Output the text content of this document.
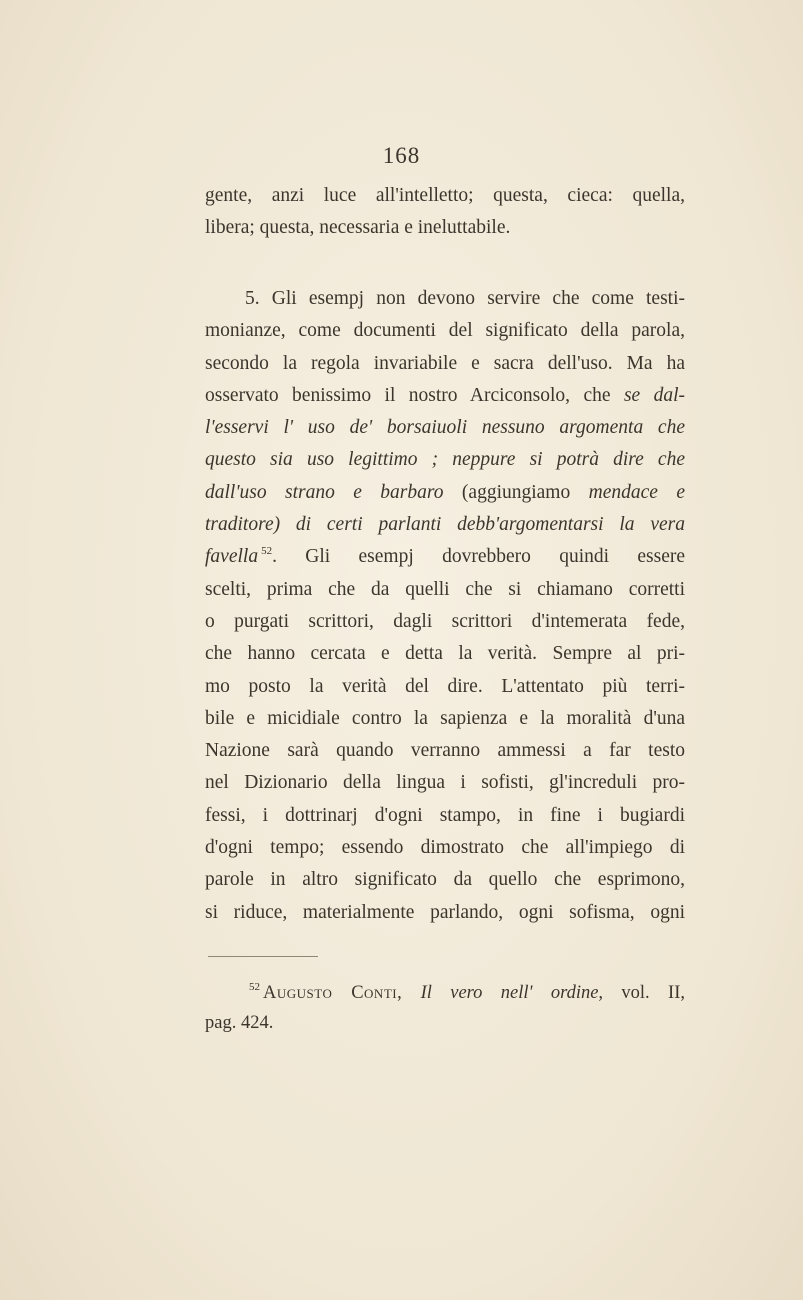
168
gente, anzi luce all'intelletto; questa, cieca: quella,
libera; questa, necessaria e ineluttabile.
5. Gli esempj non devono servire che come testi-
monianze, come documenti del significato della parola,
secondo la regola invariabile e sacra dell'uso. Ma ha
osservato benissimo il nostro Arciconsolo, che se dal-
l'esservi l' uso de' borsaiuoli nessuno argomenta che
questo sia uso legittimo ; neppure si potrà dire che
dall'uso strano e barbaro (aggiungiamo mendace e
traditore) di certi parlanti debb'argomentarsi la vera
favella $^{52}$. Gli esempj dovrebbero quindi essere
scelti, prima che da quelli che si chiamano corretti
o purgati scrittori, dagli scrittori d'intemerata fede,
che hanno cercata e detta la verità. Sempre al pri-
mo posto la verità del dire. L'attentato più terri-
bile e micidiale contro la sapienza e la moralità d'una
Nazione sarà quando verranno ammessi a far testo
nel Dizionario della lingua i sofisti, gl'increduli pro-
fessi, i dottrinarj d'ogni stampo, in fine i bugiardi
d'ogni tempo; essendo dimostrato che all'impiego di
parole in altro significato da quello che esprimono,
si riduce, materialmente parlando, ogni sofisma, ogni
$^{52}$ Augusto Conti, Il vero nell' ordine, vol. II,
pag. 424.
